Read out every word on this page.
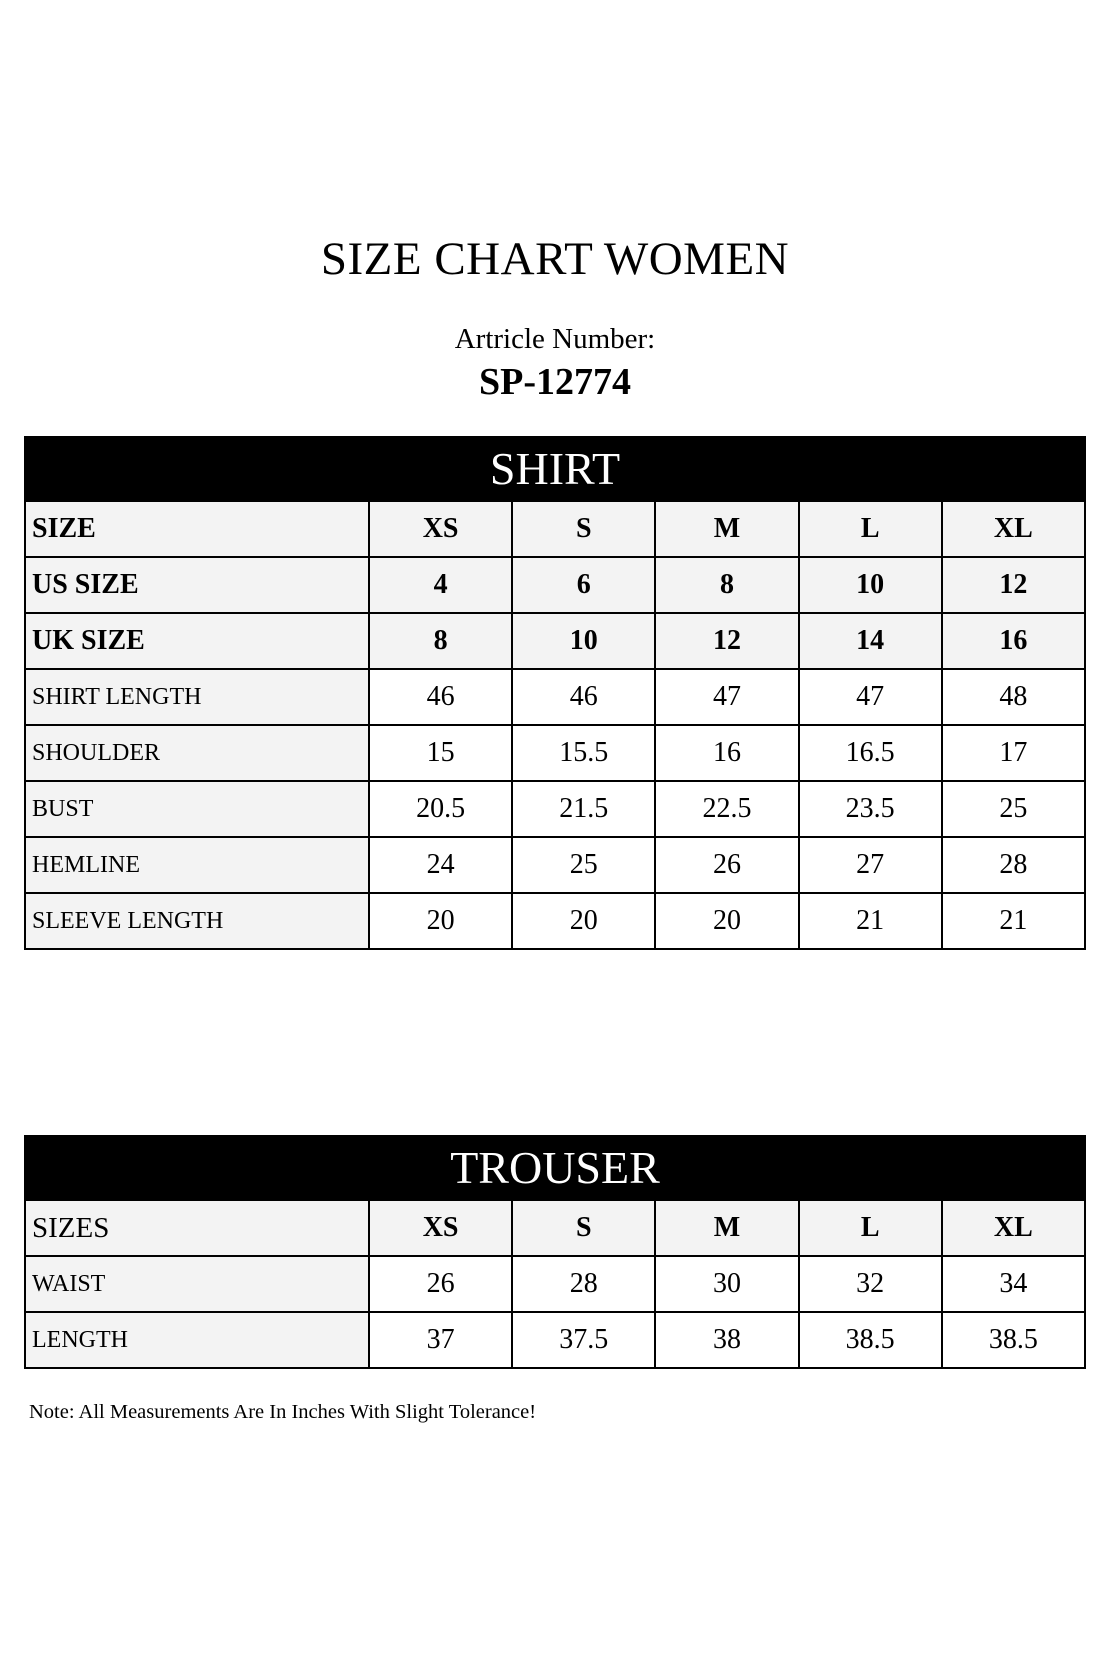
SIZE CHART WOMEN
Artricle Number:
SP-12774
SHIRT
SIZE	XS	S	M	L	XL
US SIZE	4	6	8	10	12
UK SIZE	8	10	12	14	16
SHIRT LENGTH	46	46	47	47	48
SHOULDER	15	15.5	16	16.5	17
BUST	20.5	21.5	22.5	23.5	25
HEMLINE	24	25	26	27	28
SLEEVE LENGTH	20	20	20	21	21
TROUSER
SIZES	XS	S	M	L	XL
WAIST	26	28	30	32	34
LENGTH	37	37.5	38	38.5	38.5
Note: All Measurements Are In Inches With Slight Tolerance!
